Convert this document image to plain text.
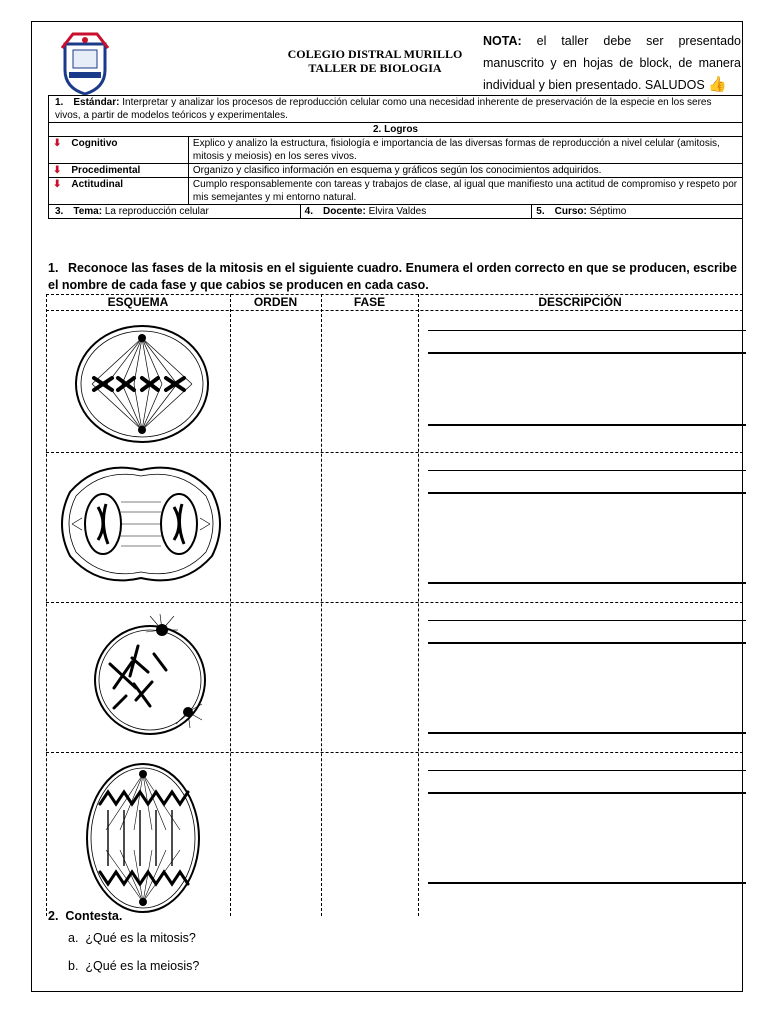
COLEGIO DISTRAL MURILLO
TALLER DE BIOLOGIA
NOTA: el taller debe ser presentado manuscrito y en hojas de block, de manera individual y bien presentado. SALUDOS 👍
1. Estándar: Interpretar y analizar los procesos de reproducción celular como una necesidad inherente de preservación de la especie en los seres vivos, a partir de modelos teóricos y experimentales.			
2. Logros			
⬇ Cognitivo	Explico y analizo la estructura, fisiología e importancia de las diversas formas de reproducción a nivel celular (amitosis, mitosis y meiosis) en los seres vivos.		
⬇ Procedimental	Organizo y clasifico información en esquema y gráficos según los conocimientos adquiridos.		
⬇ Actitudinal	Cumplo responsablemente con tareas y trabajos de clase, al igual que manifiesto una actitud de compromiso y respeto por mis semejantes y mi entorno natural.		
3. Tema: La reproducción celular		4. Docente: Elvira Valdes	5. Curso: Séptimo
1. Reconoce las fases de la mitosis en el siguiente cuadro. Enumera el orden correcto en que se producen, escribe el nombre de cada fase y que cabios se producen en cada caso.
ESQUEMA	ORDEN	FASE	DESCRIPCIÓN
2. Contesta.
a. ¿Qué es la mitosis?
b. ¿Qué es la meiosis?
